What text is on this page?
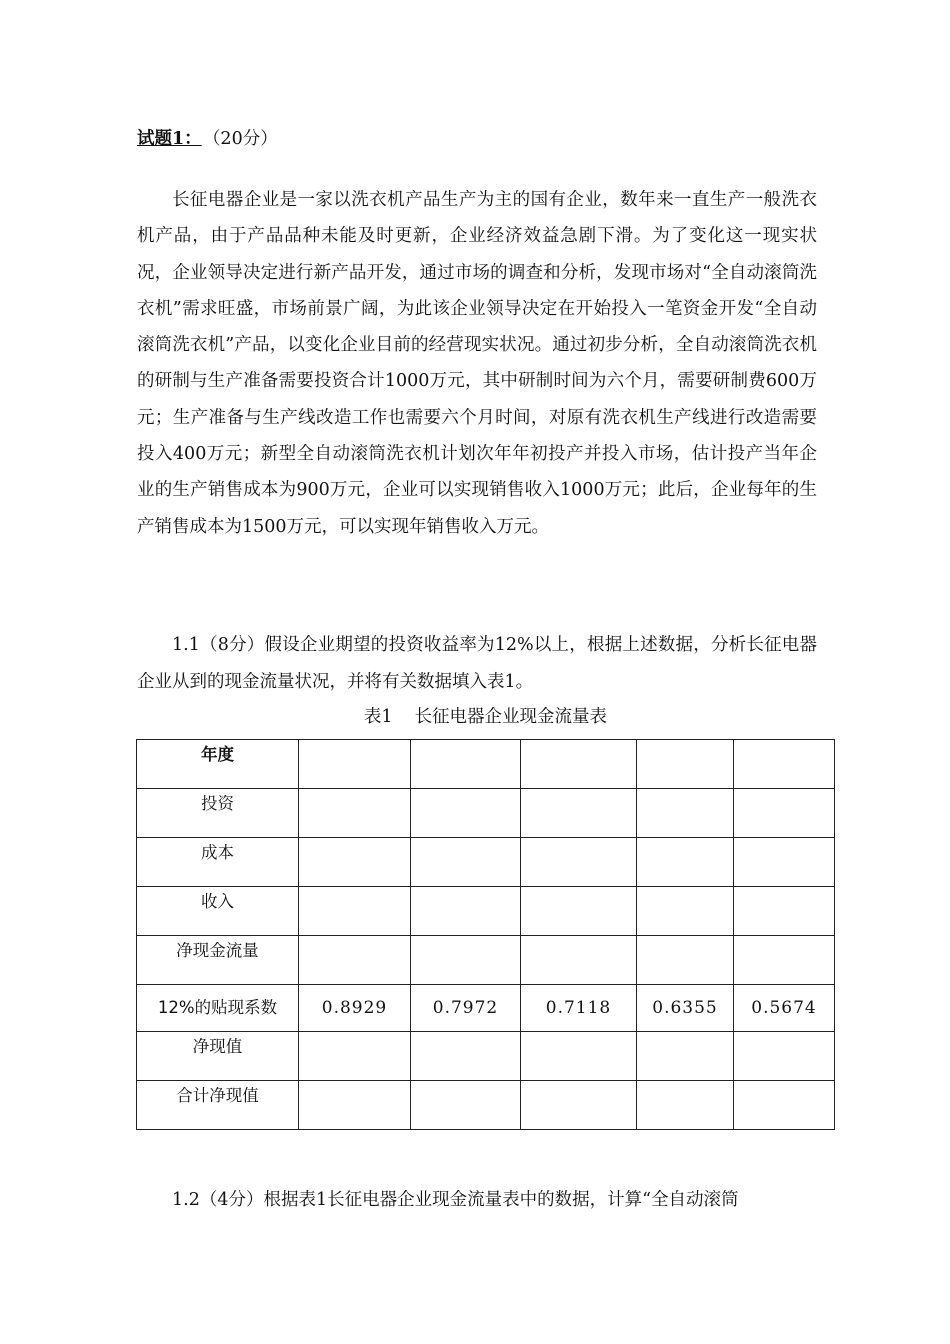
试题1： （20分）

长征电器企业是一家以洗衣机产品生产为主的国有企业，数年来一直生产一般洗衣机产品，由于产品品种未能及时更新，企业经济效益急剧下滑。为了变化这一现实状况，企业领导决定进行新产品开发，通过市场的调查和分析，发现市场对“全自动滚筒洗衣机”需求旺盛，市场前景广阔，为此该企业领导决定在开始投入一笔资金开发“全自动滚筒洗衣机”产品，以变化企业目前的经营现实状况。通过初步分析，全自动滚筒洗衣机的研制与生产准备需要投资合计1000万元，其中研制时间为六个月，需要研制费600万元；生产准备与生产线改造工作也需要六个月时间，对原有洗衣机生产线进行改造需要投入400万元；新型全自动滚筒洗衣机计划次年年初投产并投入市场，估计投产当年企业的生产销售成本为900万元，企业可以实现销售收入1000万元；此后，企业每年的生产销售成本为1500万元，可以实现年销售收入万元。

1.1（8分）假设企业期望的投资收益率为12%以上，根据上述数据，分析长征电器企业从到的现金流量状况，并将有关数据填入表1。

表1 长征电器企业现金流量表

年度					
投资					
成本					
收入					
净现金流量					
12%的贴现系数	0.8929	0.7972	0.7118	0.6355	0.5674
净现值					
合计净现值					

1.2（4分）根据表1长征电器企业现金流量表中的数据，计算“全自动滚筒
